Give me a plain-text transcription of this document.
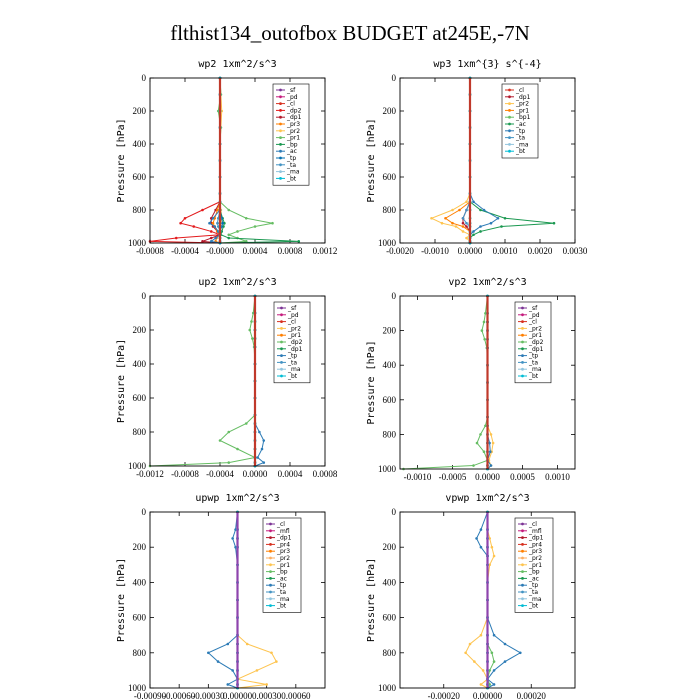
flthist134_outofbox BUDGET at245E,-7N
wp2 1xm^2/s^3
Pressure [hPa]
0
200
400
600
800
1000
-0.0008 -0.0004 -0.0000 0.0004 0.0008 0.0012
_sf
_pd
_cl
_dp2
_dp1
_pr3
_pr2
_pr1
_bp
_ac
_tp
_ta
_ma
_bt
wp3 1xm^{3} s^{-4}
Pressure [hPa]
0
200
400
600
800
1000
-0.0020 -0.0010 0.0000 0.0010 0.0020 0.0030
_cl
_dp1
_pr2
_pr1
_bp1
_ac
_tp
_ta
_ma
_bt
up2 1xm^2/s^3
Pressure [hPa]
0
200
400
600
800
1000
-0.0012 -0.0008 -0.0004 0.0000 0.0004 0.0008
_sf
_pd
_cl
_pr2
_pr1
_dp2
_dp1
_tp
_ta
_ma
_bt
vp2 1xm^2/s^3
Pressure [hPa]
0
200
400
600
800
1000
-0.0010 -0.0005 0.0000 0.0005 0.0010
_sf
_pd
_cl
_pr2
_pr1
_dp2
_dp1
_tp
_ta
_ma
_bt
upwp 1xm^2/s^3
Pressure [hPa]
0
200
400
600
800
1000
-0.00090
-0.00060
-0.00030
0.00000 0.00030 0.00060
_cl
_mfl
_dp1
_pr4
_pr3
_pr2
_pr1
_bp
_ac
_tp
_ta
_ma
_bt
vpwp 1xm^2/s^3
Pressure [hPa]
0
200
400
600
800
1000
-0.00020 0.00000 0.00020
_cl
_mfl
_dp1
_pr4
_pr3
_pr2
_pr1
_bp
_ac
_tp
_ta
_ma
_bt
